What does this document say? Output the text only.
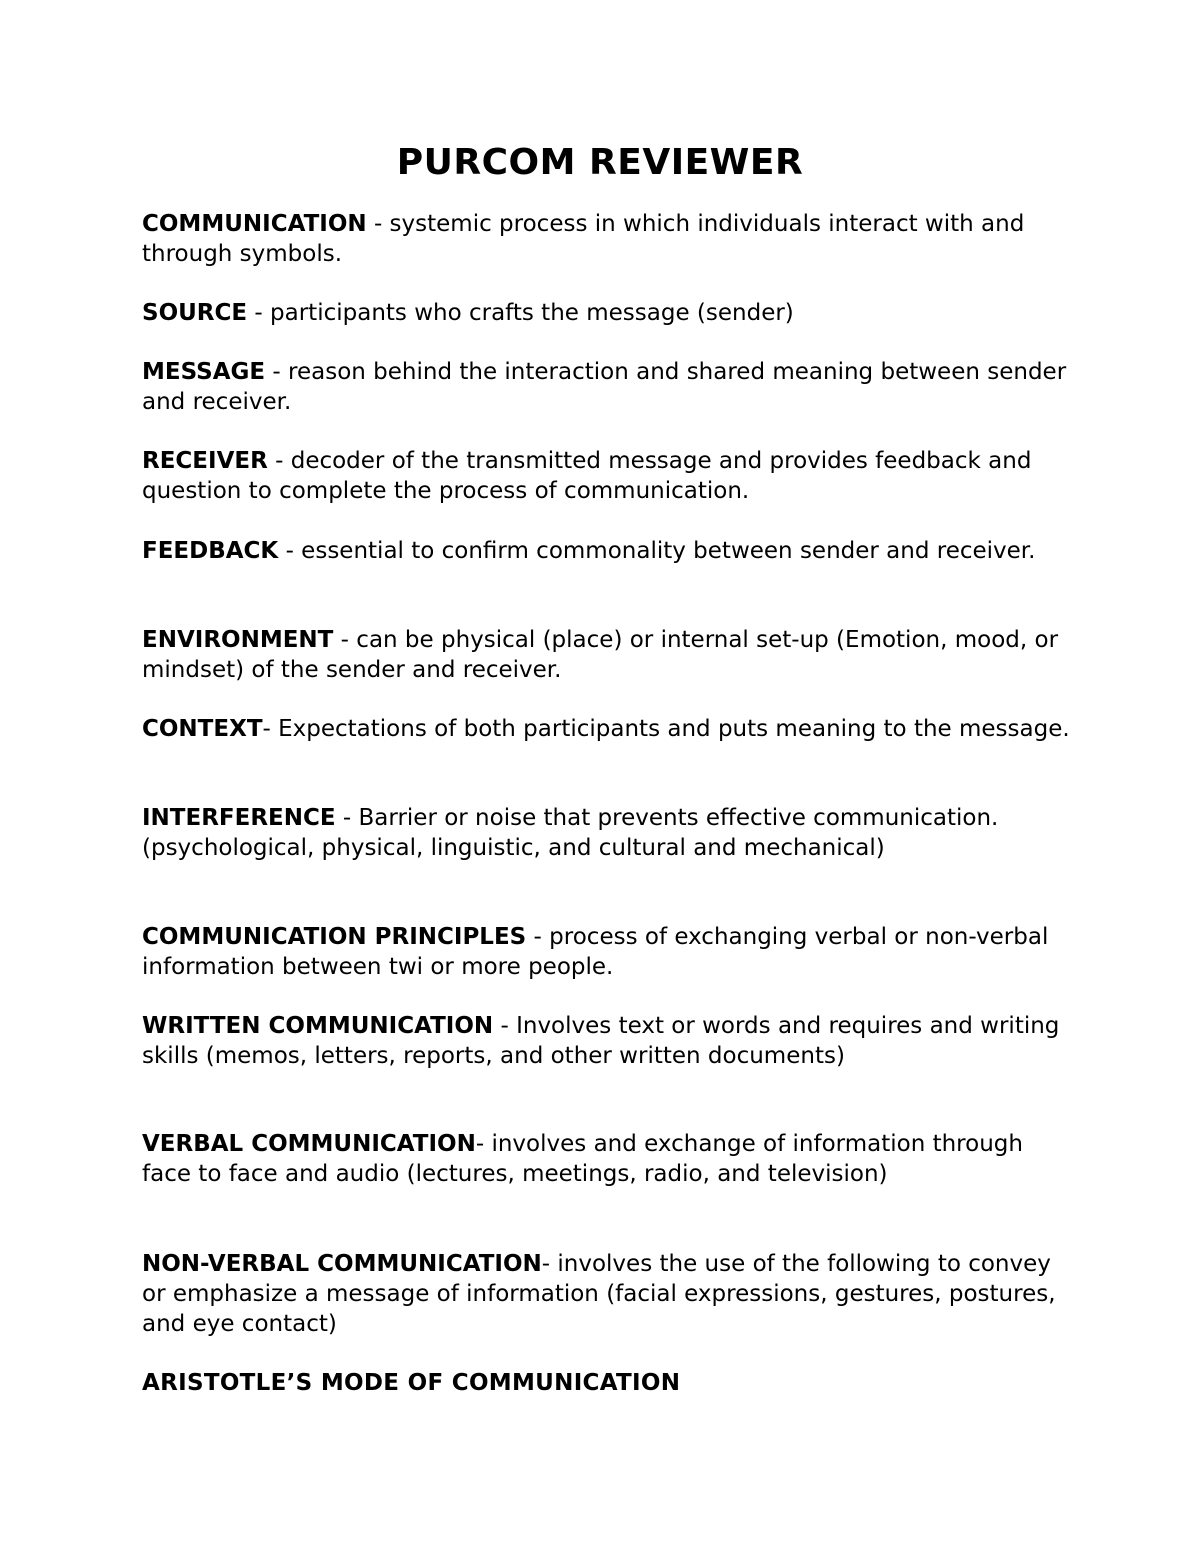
PURCOM REVIEWER

COMMUNICATION - systemic process in which individuals interact with and through symbols.

SOURCE - participants who crafts the message (sender)

MESSAGE - reason behind the interaction and shared meaning between sender and receiver.

RECEIVER - decoder of the transmitted message and provides feedback and question to complete the process of communication.

FEEDBACK - essential to confirm commonality between sender and receiver.

ENVIRONMENT - can be physical (place) or internal set-up (Emotion, mood, or mindset) of the sender and receiver.

CONTEXT- Expectations of both participants and puts meaning to the message.

INTERFERENCE - Barrier or noise that prevents effective communication. (psychological, physical, linguistic, and cultural and mechanical)

COMMUNICATION PRINCIPLES - process of exchanging verbal or non-verbal information between twi or more people.

WRITTEN COMMUNICATION - Involves text or words and requires and writing skills (memos, letters, reports, and other written documents)

VERBAL COMMUNICATION- involves and exchange of information through face to face and audio (lectures, meetings, radio, and television)

NON-VERBAL COMMUNICATION- involves the use of the following to convey or emphasize a message of information (facial expressions, gestures, postures, and eye contact)

ARISTOTLE’S MODE OF COMMUNICATION
